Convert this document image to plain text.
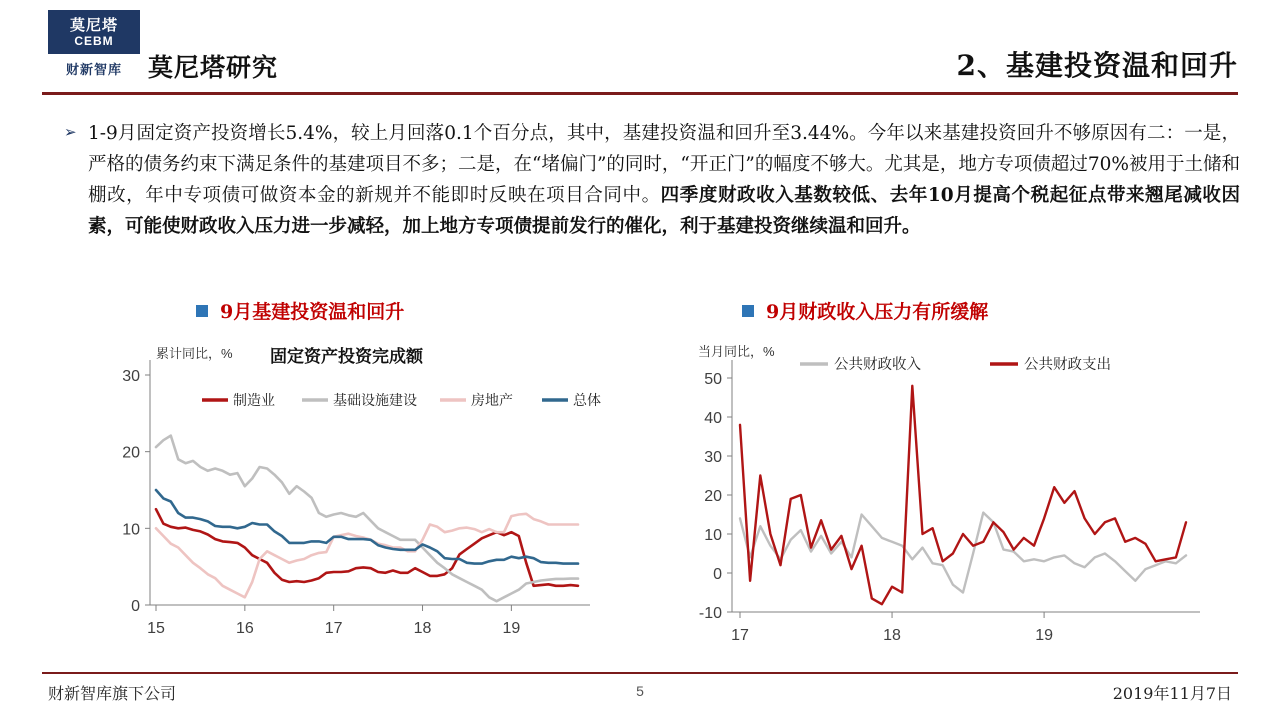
莫尼塔
CEBM
财新智库	莫尼塔研究	2、基建投资温和回升
➢ 1-9月固定资产投资增长5.4%，较上月回落0.1个百分点，其中，基建投资温和回升至3.44%。今年以来基建投资回升不够原因有二：一是，严格的债务约束下满足条件的基建项目不多；二是，在“堵偏门”的同时，“开正门”的幅度不够大。尤其是，地方专项债超过70%被用于土储和棚改，年中专项债可做资本金的新规并不能即时反映在项目合同中。四季度财政收入基数较低、去年10月提高个税起征点带来翘尾减收因素，可能使财政收入压力进一步减轻，加上地方专项债提前发行的催化，利于基建投资继续温和回升。
9月基建投资温和回升	9月财政收入压力有所缓解
累计同比，% 固定资产投资完成额
0
10
20
30
15	16	17	18	19
制造业	基础设施建设	房地产	总体
当月同比，%
-10
0
10
20
30
40
50
17	18	19
公共财政收入	公共财政支出
财新智库旗下公司	5	2019年11月7日
